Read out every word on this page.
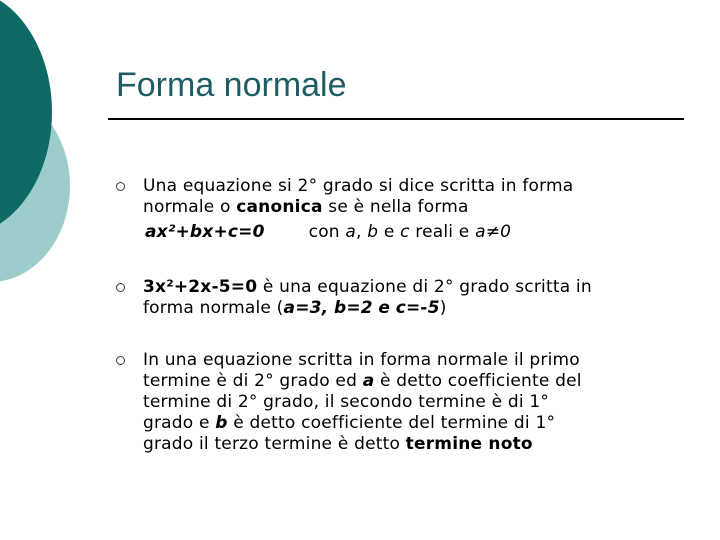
Forma normale
Una equazione si 2° grado si dice scritta in forma
normale o canonica se è nella forma
ax²+bx+c=0	con a, b e c reali e a≠0
3x²+2x-5=0 è una equazione di 2° grado scritta in
forma normale (a=3, b=2 e c=-5)
In una equazione scritta in forma normale il primo
termine è di 2° grado ed a è detto coefficiente del
termine di 2° grado, il secondo termine è di 1°
grado e b è detto coefficiente del termine di 1°
grado il terzo termine è detto termine noto
